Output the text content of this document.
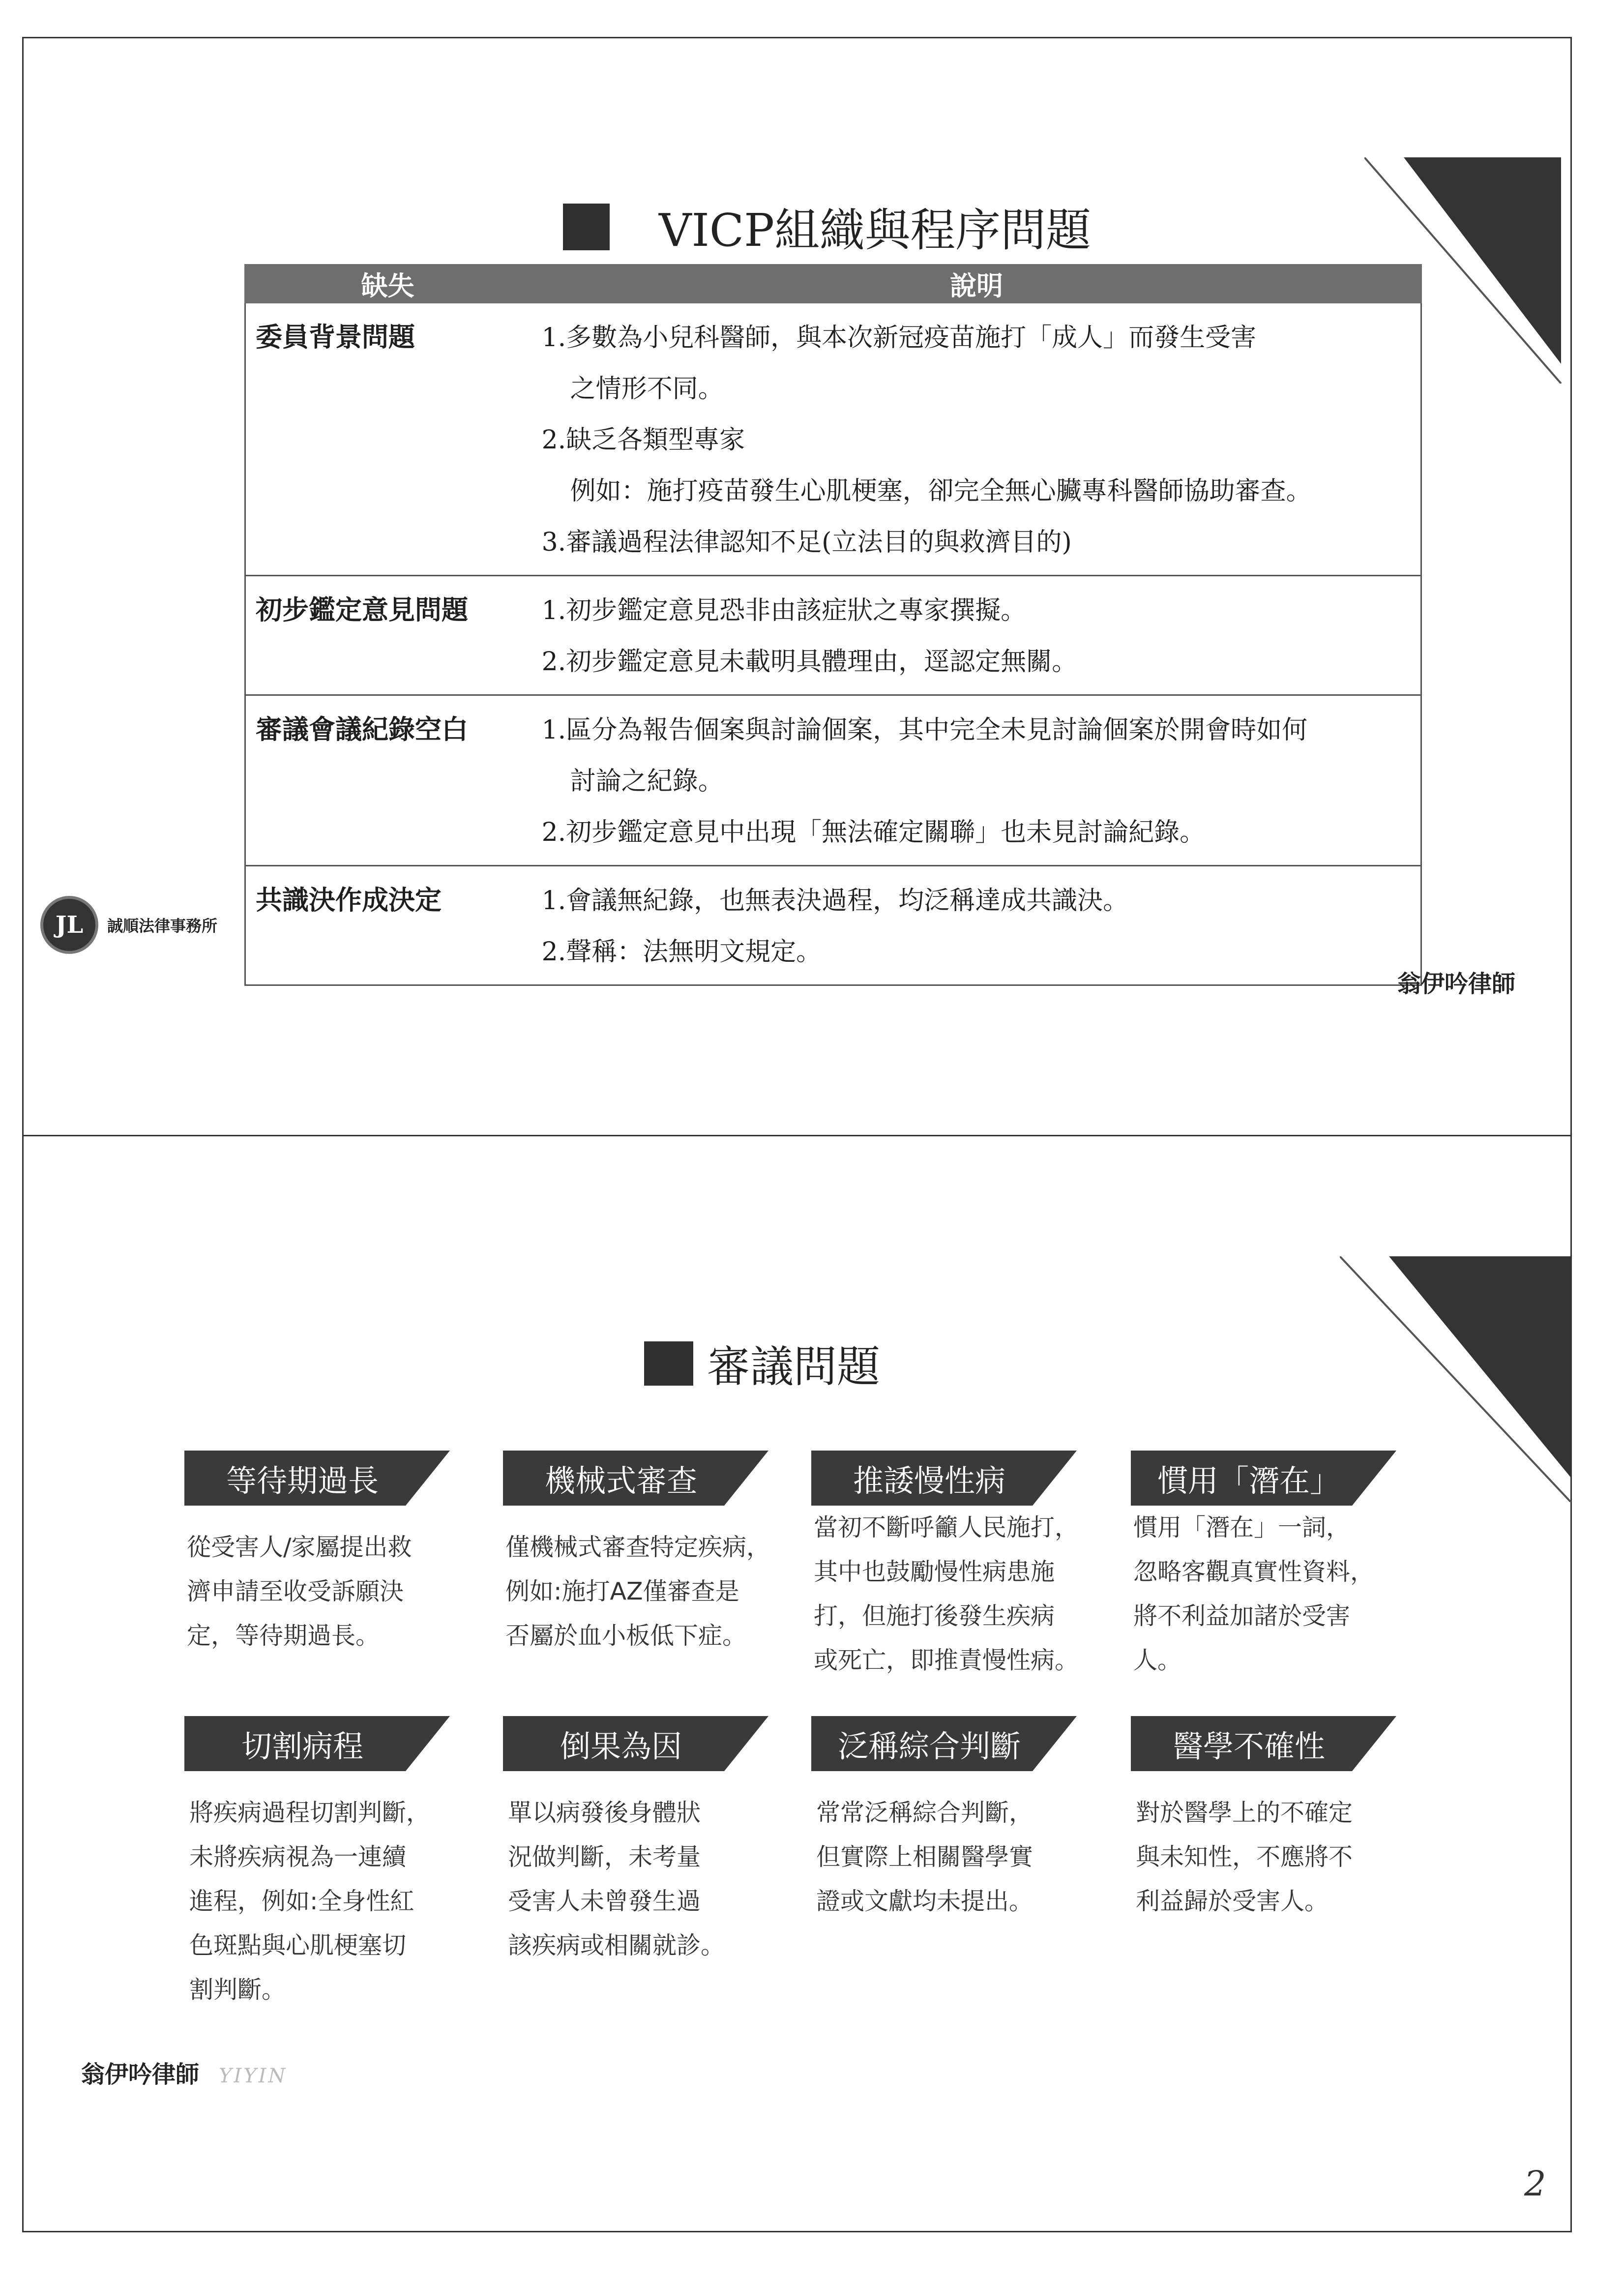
VICP組織與程序問題
缺失	說明
委員背景問題	1.多數為小兒科醫師，與本次新冠疫苗施打「成人」而發生受害
之情形不同。
2.缺乏各類型專家
例如：施打疫苗發生心肌梗塞，卻完全無心臟專科醫師協助審查。
3.審議過程法律認知不足(立法目的與救濟目的)
初步鑑定意見問題	1.初步鑑定意見恐非由該症狀之專家撰擬。
2.初步鑑定意見未載明具體理由，逕認定無關。
審議會議紀錄空白	1.區分為報告個案與討論個案，其中完全未見討論個案於開會時如何
討論之紀錄。
2.初步鑑定意見中出現「無法確定關聯」也未見討論紀錄。
共識決作成決定	1.會議無紀錄，也無表決過程，均泛稱達成共識決。
2.聲稱：法無明文規定。
JL	誠順法律事務所
翁伊吟律師
審議問題
等待期過長
從受害人/家屬提出救
濟申請至收受訴願決
定，等待期過長。
機械式審查
僅機械式審查特定疾病，
例如:施打AZ僅審查是
否屬於血小板低下症。
推諉慢性病
當初不斷呼籲人民施打，
其中也鼓勵慢性病患施
打，但施打後發生疾病
或死亡，即推責慢性病。
慣用「潛在」
慣用「潛在」一詞，
忽略客觀真實性資料，
將不利益加諸於受害
人。
切割病程
將疾病過程切割判斷，
未將疾病視為一連續
進程，例如:全身性紅
色斑點與心肌梗塞切
割判斷。
倒果為因
單以病發後身體狀
況做判斷，未考量
受害人未曾發生過
該疾病或相關就診。
泛稱綜合判斷
常常泛稱綜合判斷，
但實際上相關醫學實
證或文獻均未提出。
醫學不確性
對於醫學上的不確定
與未知性，不應將不
利益歸於受害人。
翁伊吟律師 YIYIN
2
